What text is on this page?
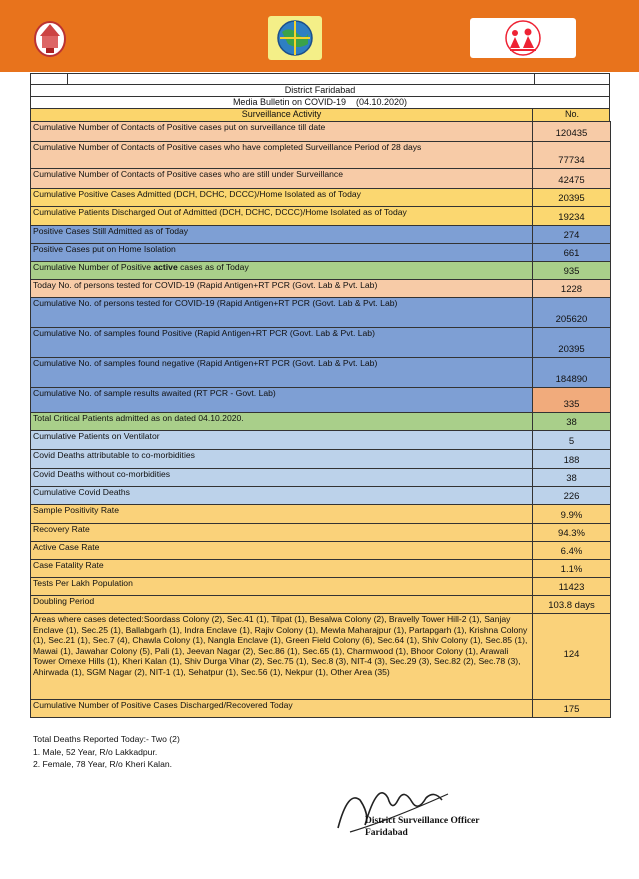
District Faridabad
Media Bulletin on COVID-19 (04.10.2020)
Surveillance Activity	No.
Cumulative Number of Contacts of Positive cases put on surveillance till date	120435
Cumulative Number of Contacts of Positive cases who have completed Surveillance Period of 28 days	77734
Cumulative Number of Contacts of Positive cases who are still under Surveillance	42475
Cumulative Positive Cases Admitted (DCH, DCHC, DCCC)/Home Isolated as of Today	20395
Cumulative Patients Discharged Out of Admitted (DCH, DCHC, DCCC)/Home Isolated as of Today	19234
Positive Cases Still Admitted as of Today	274
Positive Cases put on Home Isolation	661
Cumulative Number of Positive active cases as of Today	935
Today No. of persons tested for COVID-19 (Rapid Antigen+RT PCR (Govt. Lab & Pvt. Lab)	1228
Cumulative No. of persons tested for COVID-19 (Rapid Antigen+RT PCR (Govt. Lab & Pvt. Lab)	205620
Cumulative No. of samples found Positive (Rapid Antigen+RT PCR (Govt. Lab & Pvt. Lab)	20395
Cumulative No. of samples found negative (Rapid Antigen+RT PCR (Govt. Lab & Pvt. Lab)	184890
Cumulative No. of sample results awaited (RT PCR - Govt. Lab)	335
Total Critical Patients admitted as on dated 04.10.2020.	38
Cumulative Patients on Ventilator	5
Covid Deaths attributable to co-morbidities	188
Covid Deaths without co-morbidities	38
Cumulative Covid Deaths	226
Sample Positivity Rate	9.9%
Recovery Rate	94.3%
Active Case Rate	6.4%
Case Fatality Rate	1.1%
Tests Per Lakh Population	11423
Doubling Period	103.8 days
Areas where cases detected:Soordass Colony (2), Sec.41 (1), Tilpat (1), Besalwa Colony (2), Bravelly Tower Hill-2 (1), Sanjay Enclave (1), Sec.25 (1), Ballabgarh (1), Indra Enclave (1), Rajiv Colony (1), Mewla Maharajpur (1), Partapgarh (1), Krishna Colony (1), Sec.21 (1), Sec.7 (4), Chawla Colony (1), Nangla Enclave (1), Green Field Colony (6), Sec.64 (1), Shiv Colony (1), Sec.85 (1), Mawai (1), Jawahar Colony (5), Pali (1), Jeevan Nagar (2), Sec.86 (1), Sec.65 (1), Charmwood (1), Bhoor Colony (1), Arawali Tower Omexe Hills (1), Kheri Kalan (1), Shiv Durga Vihar (2), Sec.75 (1), Sec.8 (3), NIT-4 (3), Sec.29 (3), Sec.82 (2), Sec.78 (3), Ahirwada (1), SGM Nagar (2), NIT-1 (1), Sehatpur (1), Sec.56 (1), Nekpur (1), Other Area (35)	124
Cumulative Number of Positive Cases Discharged/Recovered Today	175
Total Deaths Reported Today:- Two (2)
1. Male, 52 Year, R/o Lakkadpur.
2. Female, 78 Year, R/o Kheri Kalan.
District Surveillance Officer
Faridabad
